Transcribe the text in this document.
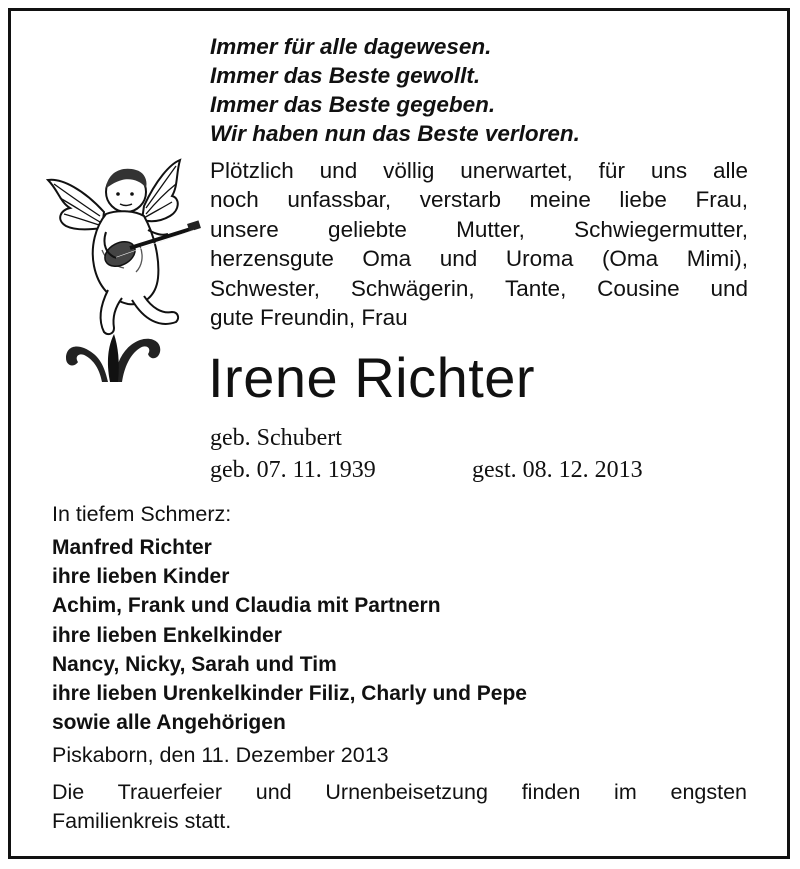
Immer für alle dagewesen.
Immer das Beste gewollt.
Immer das Beste gegeben.
Wir haben nun das Beste verloren.
Plötzlich und völlig unerwartet, für uns alle
noch unfassbar, verstarb meine liebe Frau,
unsere geliebte Mutter, Schwiegermutter,
herzensgute Oma und Uroma (Oma Mimi),
Schwester, Schwägerin, Tante, Cousine und
gute Freundin, Frau
Irene Richter
geb. Schubert
geb. 07. 11. 1939	gest. 08. 12. 2013
In tiefem Schmerz:
Manfred Richter
ihre lieben Kinder
Achim, Frank und Claudia mit Partnern
ihre lieben Enkelkinder
Nancy, Nicky, Sarah und Tim
ihre lieben Urenkelkinder Filiz, Charly und Pepe
sowie alle Angehörigen
Piskaborn, den 11. Dezember 2013
Die Trauerfeier und Urnenbeisetzung finden im engsten
Familienkreis statt.
